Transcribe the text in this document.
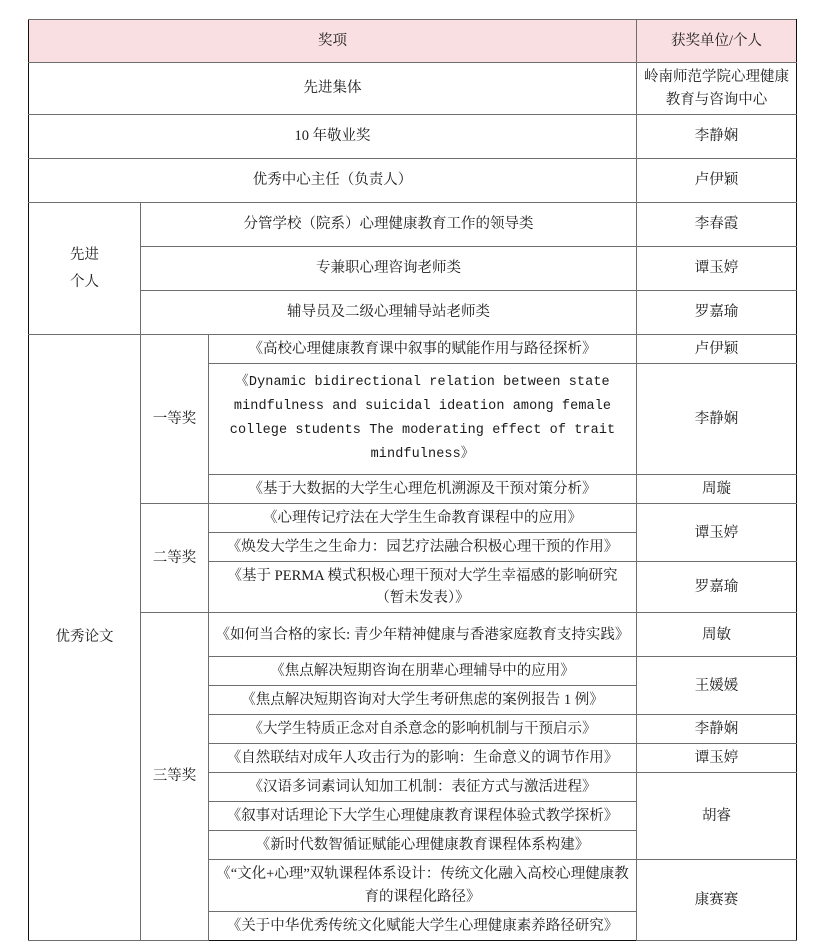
奖项			获奖单位/个人
先进集体			岭南师范学院心理健康教育与咨询中心
10 年敬业奖			李静娴
优秀中心主任（负责人）			卢伊颖

先进
个人	分管学校（院系）心理健康教育工作的领导类		李春霞
	专兼职心理咨询老师类		谭玉婷
	辅导员及二级心理辅导站老师类		罗嘉瑜
优秀论文	一等奖	《高校心理健康教育课中叙事的赋能作用与路径探析》	卢伊颖
		《Dynamic bidirectional relation between state mindfulness and suicidal ideation among female college students The moderating effect of trait mindfulness》	李静娴
		《基于大数据的大学生心理危机溯源及干预对策分析》	周璇
	二等奖	《心理传记疗法在大学生生命教育课程中的应用》	谭玉婷
		《焕发大学生之生命力：园艺疗法融合积极心理干预的作用》	
		《基于 PERMA 模式积极心理干预对大学生幸福感的影响研究（暂未发表）》	罗嘉瑜
	三等奖	《如何当合格的家长: 青少年精神健康与香港家庭教育支持实践》	周敏
		《焦点解决短期咨询在朋辈心理辅导中的应用》	王媛媛
		《焦点解决短期咨询对大学生考研焦虑的案例报告 1 例》	
		《大学生特质正念对自杀意念的影响机制与干预启示》	李静娴
		《自然联结对成年人攻击行为的影响：生命意义的调节作用》	谭玉婷
		《汉语多词素词认知加工机制：表征方式与激活进程》	胡睿
		《叙事对话理论下大学生心理健康教育课程体验式教学探析》	
		《新时代数智循证赋能心理健康教育课程体系构建》	
		《“文化+心理”双轨课程体系设计：传统文化融入高校心理健康教育的课程化路径》	康赛赛
		《关于中华优秀传统文化赋能大学生心理健康素养路径研究》	
